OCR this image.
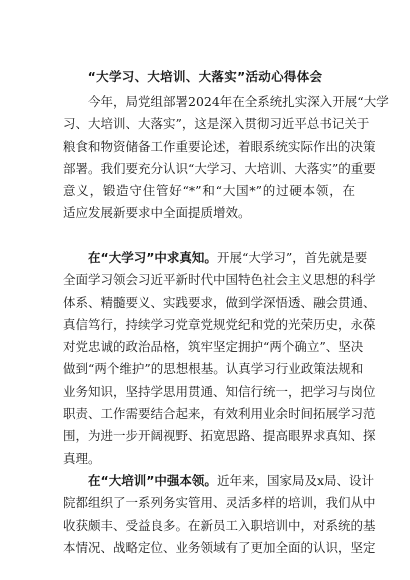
“大学习、大培训、大落实”活动心得体会
今年，局党组部署2024年在全系统扎实深入开展“大学
习、大培训、大落实”，这是深入贯彻习近平总书记关于
粮食和物资储备工作重要论述，着眼系统实际作出的决策
部署。我们要充分认识“大学习、大培训、大落实”的重要
意义，锻造守住管好“*”和“大国*”的过硬本领，在
适应发展新要求中全面提质增效。
在“大学习”中求真知。开展“大学习”，首先就是要
全面学习领会习近平新时代中国特色社会主义思想的科学
体系、精髓要义、实践要求，做到学深悟透、融会贯通、
真信笃行，持续学习党章党规党纪和党的光荣历史，永葆
对党忠诚的政治品格，筑牢坚定拥护“两个确立”、坚决
做到“两个维护”的思想根基。认真学习行业政策法规和
业务知识，坚持学思用贯通、知信行统一，把学习与岗位
职责、工作需要结合起来，有效利用业余时间拓展学习范
围，为进一步开阔视野、拓宽思路、提高眼界求真知、探
真理。
在“大培训”中强本领。近年来，国家局及x局、设计
院都组织了一系列务实管用、灵活多样的培训，我们从中
收获颇丰、受益良多。在新员工入职培训中，对系统的基
本情况、战略定位、业务领域有了更加全面的认识，坚定
